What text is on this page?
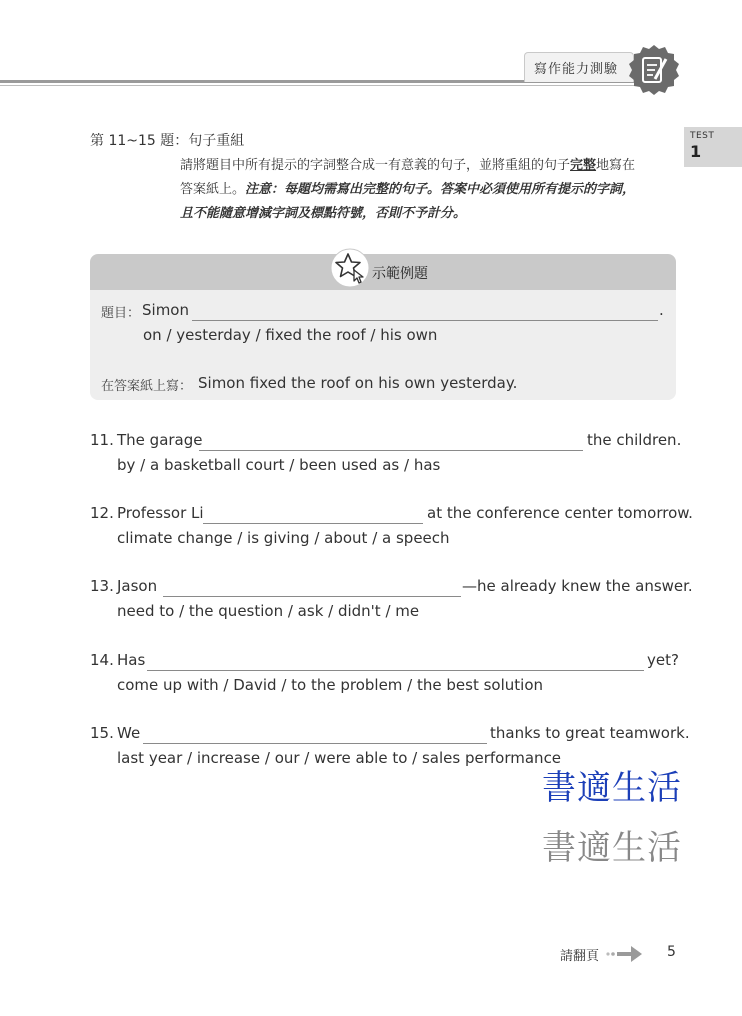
寫作能力測驗
TEST
1
第 11~15 題：句子重組
請將題目中所有提示的字詞整合成一有意義的句子，並將重組的句子完整地寫在
答案紙上。注意：每題均需寫出完整的句子。答案中必須使用所有提示的字詞，
且不能隨意增減字詞及標點符號，否則不予計分。
示範例題
題目： Simon	.
on / yesterday / fixed the roof / his own
在答案紙上寫： Simon fixed the roof on his own yesterday.
11. The garage	the children.
by / a basketball court / been used as / has
12. Professor Li	at the conference center tomorrow.
climate change / is giving / about / a speech
13. Jason	—he already knew the answer.
need to / the question / ask / didn't / me
14. Has	yet?
come up with / David / to the problem / the best solution
15. We	thanks to great teamwork.
last year / increase / our / were able to / sales performance
書適生活
書適生活
請翻頁	5
